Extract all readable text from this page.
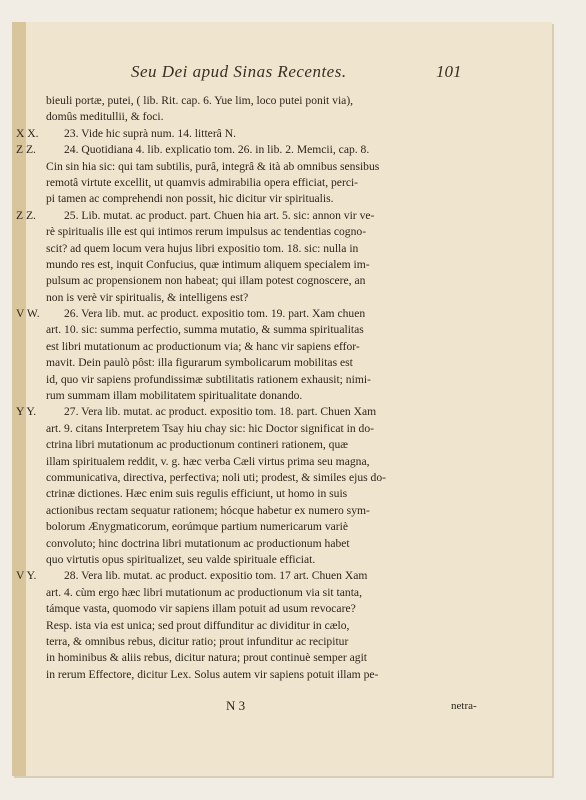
Seu Dei apud Sinas Recentes.	101
bieuli portæ, putei, ( lib. Rit. cap. 6. Yue lim, loco putei ponit via),
domûs meditullii, & foci.
X X. 23. Vide hic suprà num. 14. litterâ N.
Z Z. 24. Quotidiana 4. lib. explicatio tom. 26. in lib. 2. Memcii, cap. 8.
Cin sin hia sic: qui tam subtilis, purâ, integrâ & ità ab omnibus sensibus
remotâ virtute excellit, ut quamvis admirabilia opera efficiat, perci-
pi tamen ac comprehendi non possit, hic dicitur vir spiritualis.
Z Z. 25. Lib. mutat. ac product. part. Chuen hia art. 5. sic: annon vir ve-
rè spiritualis ille est qui intimos rerum impulsus ac tendentias cogno-
scit? ad quem locum vera hujus libri expositio tom. 18. sic: nulla in
mundo res est, inquit Confucius, quæ intimum aliquem specialem im-
pulsum ac propensionem non habeat; qui illam potest cognoscere, an
non is verè vir spiritualis, & intelligens est?
V W. 26. Vera lib. mut. ac product. expositio tom. 19. part. Xam chuen
art. 10. sic: summa perfectio, summa mutatio, & summa spiritualitas
est libri mutationum ac productionum via; & hanc vir sapiens effor-
mavit. Dein paulò pôst: illa figurarum symbolicarum mobilitas est
id, quo vir sapiens profundissimæ subtilitatis rationem exhausit; nimi-
rum summam illam mobilitatem spiritualitate donando.
Y Y. 27. Vera lib. mutat. ac product. expositio tom. 18. part. Chuen Xam
art. 9. citans Interpretem Tsay hiu chay sic: hic Doctor significat in do-
ctrina libri mutationum ac productionum contineri rationem, quæ
illam spiritualem reddit, v. g. hæc verba Cæli virtus prima seu magna,
communicativa, directiva, perfectiva; noli uti; prodest, & similes ejus do-
ctrinæ dictiones. Hæc enim suis regulis efficiunt, ut homo in suis
actionibus rectam sequatur rationem; hócque habetur ex numero sym-
bolorum Ænygmaticorum, eorúmque partium numericarum variè
convoluto; hinc doctrina libri mutationum ac productionum habet
quo virtutis opus spiritualizet, seu valde spirituale efficiat.
V Y. 28. Vera lib. mutat. ac product. expositio tom. 17 art. Chuen Xam
art. 4. cùm ergo hæc libri mutationum ac productionum via sit tanta,
támque vasta, quomodo vir sapiens illam potuit ad usum revocare?
Resp. ista via est unica; sed prout diffunditur ac dividitur in cælo,
terra, & omnibus rebus, dicitur ratio; prout infunditur ac recipitur
in hominibus & aliis rebus, dicitur natura; prout continuè semper agit
in rerum Effectore, dicitur Lex. Solus autem vir sapiens potuit illam pe-
N 3	netra-
